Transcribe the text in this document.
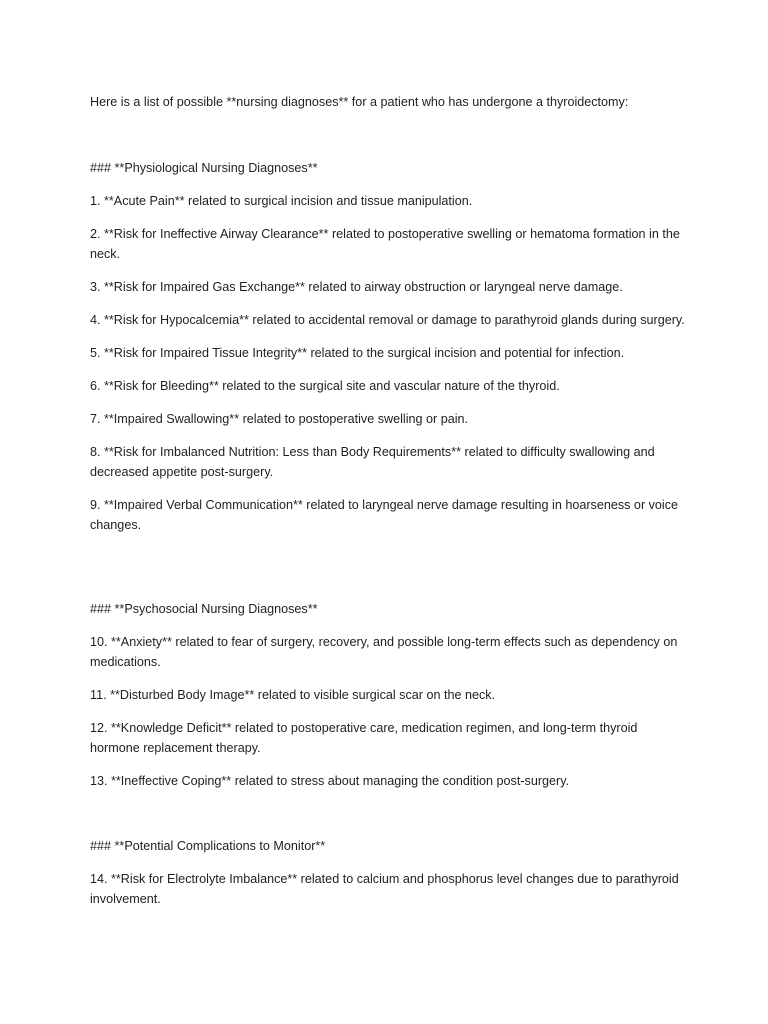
Here is a list of possible **nursing diagnoses** for a patient who has undergone a thyroidectomy:

### **Physiological Nursing Diagnoses**

1. **Acute Pain** related to surgical incision and tissue manipulation.

2. **Risk for Ineffective Airway Clearance** related to postoperative swelling or hematoma formation in the neck.

3. **Risk for Impaired Gas Exchange** related to airway obstruction or laryngeal nerve damage.

4. **Risk for Hypocalcemia** related to accidental removal or damage to parathyroid glands during surgery.

5. **Risk for Impaired Tissue Integrity** related to the surgical incision and potential for infection.

6. **Risk for Bleeding** related to the surgical site and vascular nature of the thyroid.

7. **Impaired Swallowing** related to postoperative swelling or pain.

8. **Risk for Imbalanced Nutrition: Less than Body Requirements** related to difficulty swallowing and decreased appetite post-surgery.

9. **Impaired Verbal Communication** related to laryngeal nerve damage resulting in hoarseness or voice changes.

### **Psychosocial Nursing Diagnoses**

10. **Anxiety** related to fear of surgery, recovery, and possible long-term effects such as dependency on medications.

11. **Disturbed Body Image** related to visible surgical scar on the neck.

12. **Knowledge Deficit** related to postoperative care, medication regimen, and long-term thyroid hormone replacement therapy.

13. **Ineffective Coping** related to stress about managing the condition post-surgery.

### **Potential Complications to Monitor**

14. **Risk for Electrolyte Imbalance** related to calcium and phosphorus level changes due to parathyroid involvement.
